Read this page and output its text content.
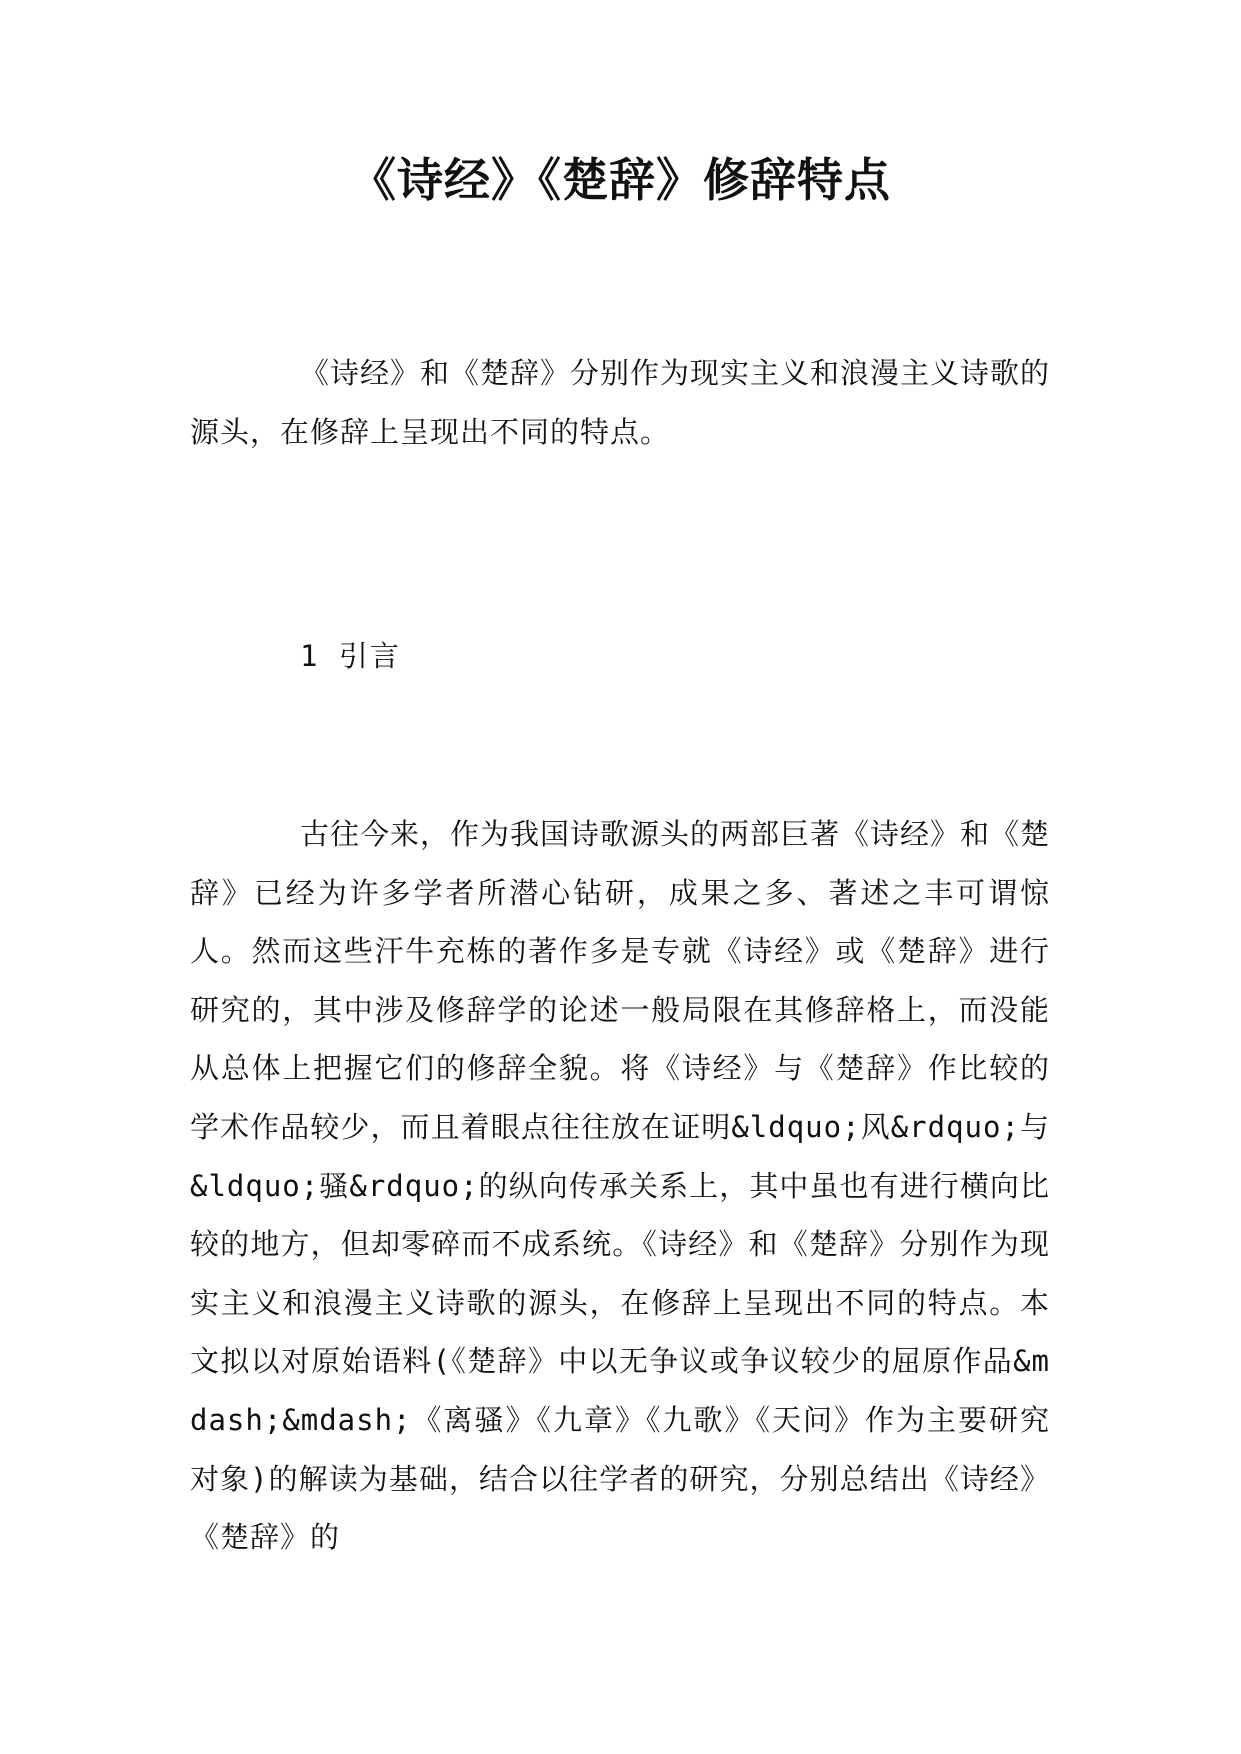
《诗经》《楚辞》修辞特点

《诗经》和《楚辞》分别作为现实主义和浪漫主义诗歌的源头，在修辞上呈现出不同的特点。

1 引言

古往今来，作为我国诗歌源头的两部巨著《诗经》和《楚辞》已经为许多学者所潜心钻研，成果之多、著述之丰可谓惊人。然而这些汗牛充栋的著作多是专就《诗经》或《楚辞》进行研究的，其中涉及修辞学的论述一般局限在其修辞格上，而没能从总体上把握它们的修辞全貌。将《诗经》与《楚辞》作比较的学术作品较少，而且着眼点往往放在证明&ldquo;风&rdquo;与&ldquo;骚&rdquo;的纵向传承关系上，其中虽也有进行横向比较的地方，但却零碎而不成系统。《诗经》和《楚辞》分别作为现实主义和浪漫主义诗歌的源头，在修辞上呈现出不同的特点。本文拟以对原始语料(《楚辞》中以无争议或争议较少的屈原作品&mdash;&mdash;《离骚》《九章》《九歌》《天问》作为主要研究对象)的解读为基础，结合以往学者的研究，分别总结出《诗经》《楚辞》的
